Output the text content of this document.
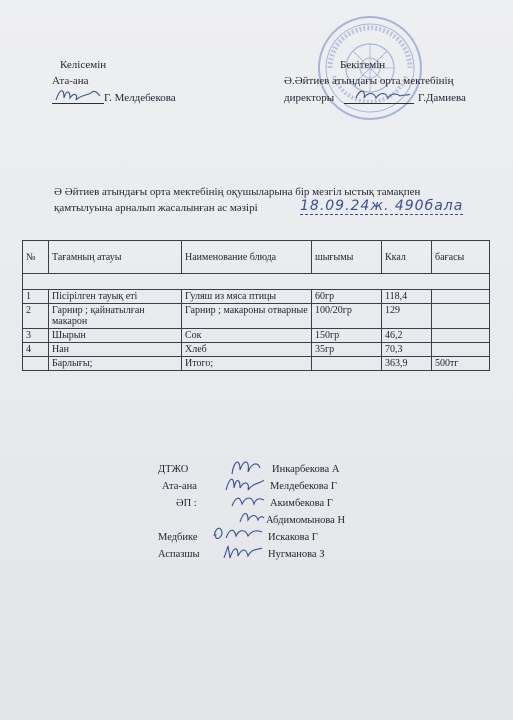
Келісемін
Ата-ана
Г. Мелдебекова
Бекітемін
Ә.Әйтиев атындағы орта мектебінің
директоры	Г.Дамиева
Ә Әйтиев атындағы орта мектебінің оқушыларына бір мезгіл ыстық тамақпен
қамтылуына арналып жасалынған ас мәзірі	18.09.24ж. 490бала
№	Тағамның атауы	Наименование блюда	шығымы	Ккал	бағасы

1	Пісірілген тауық еті	Гуляш из мяса птицы	60гр	118,4	
2	Гарнир ; қайнатылған макарон	Гарнир ; макароны отварные	100/20гр	129	
3	Шырын	Сок	150гр	46,2	
4	Нан	Хлеб	35гр	70,3	
	Барлығы;	Итого;		363,9	500тг
ДТЖО	Инкарбекова А
Ата-ана	Мелдебекова Г
ӘП :	Акимбекова Г
Абдимомынова Н
Медбике	Искакова Г
Аспазшы	Нугманова З
